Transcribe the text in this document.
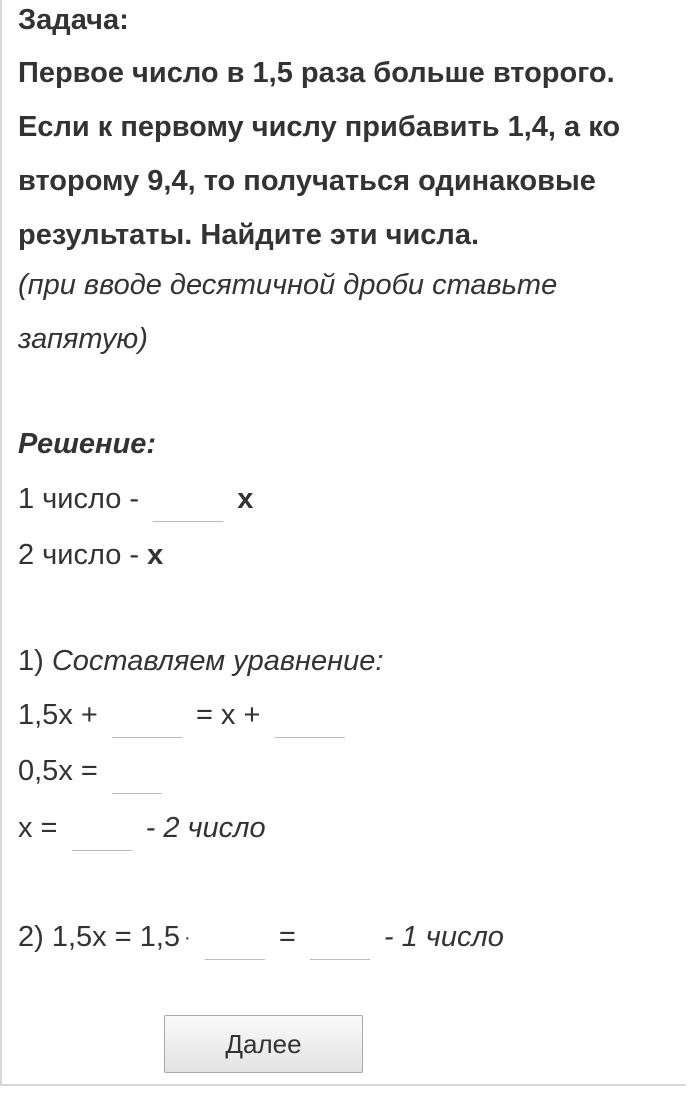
Задача:
Первое число в 1,5 раза больше второго.
Если к первому числу прибавить 1,4, а ко
второму 9,4, то получаться одинаковые
результаты. Найдите эти числа.
(при вводе десятичной дроби ставьте
запятую)
Решение:
1 число -	x
2 число - x
1) Составляем уравнение:
1,5х +	= х +
0,5х =
х =	- 2 число
2) 1,5х = 1,5 ·	=	- 1 число
Далее
